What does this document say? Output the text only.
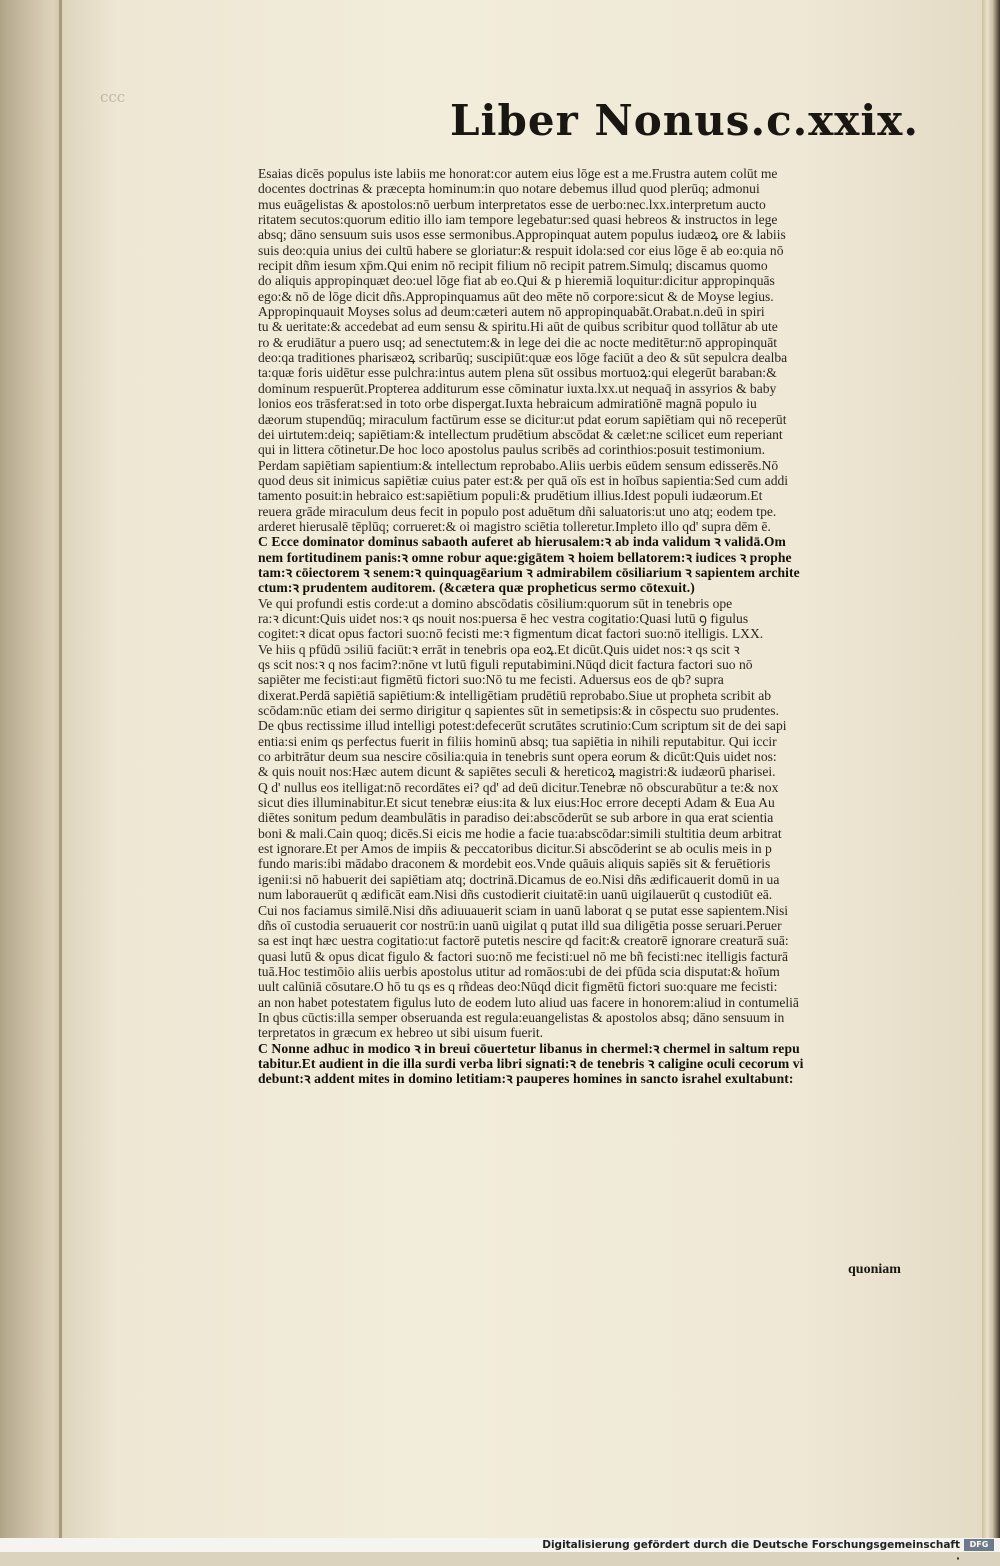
ccc	Liber Nonus.c.xxix.
Esaias dicēs populus iste labiis me honorat:cor autem eius lōge est a me.Frustra autem colūt me
docentes doctrinas & præcepta hominum:in quo notare debemus illud quod plerūq; admonui
mus euāgelistas & apostolos:nō uerbum interpretatos esse de uerbo:nec.lxx.interpretum aucto
ritatem secutos:quorum editio illo iam tempore legebatur:sed quasi hebreos & instructos in lege
absq; dāno sensuum suis usos esse sermonibus.Appropinquat autem populus iudæoꝝ ore & labiis
suis deo:quia unius dei cultū habere se gloriatur:& respuit idola:sed cor eius lōge ē ab eo:quia nō
recipit dñm iesum xp̄m.Qui enim nō recipit filium nō recipit patrem.Simulq; discamus quomo
do aliquis appropinquæt deo:uel lōge fiat ab eo.Qui & p hieremiā loquitur:dicitur appropinquās
ego:& nō de lōge dicit dñs.Appropinquamus aūt deo mēte nō corpore:sicut & de Moyse legius.
Appropinquauit Moyses solus ad deum:cæteri autem nō appropinquabāt.Orabat.n.deū in spiri
tu & ueritate:& accedebat ad eum sensu & spiritu.Hi aūt de quibus scribitur quod tollātur ab ute
ro & erudiātur a puero usq; ad senectutem:& in lege dei die ac nocte meditētur:nō appropinquāt
deo:qa traditiones pharisæoꝝ scribarūq; suscipiūt:quæ eos lōge faciūt a deo & sūt sepulcra dealba
ta:quæ foris uidētur esse pulchra:intus autem plena sūt ossibus mortuoꝝ:qui elegerūt baraban:&
dominum respuerūt.Propterea additurum esse cōminatur iuxta.lxx.ut nequaq̄ in assyrios & baby
lonios eos trāsferat:sed in toto orbe dispergat.Iuxta hebraicum admiratiōnē magnā populo iu
dæorum stupendūq; miraculum factūrum esse se dicitur:ut pdat eorum sapiētiam qui nō receperūt
dei uirtutem:deiq; sapiētiam:& intellectum prudētium abscōdat & cælet:ne scilicet eum reperiant
qui in littera cōtinetur.De hoc loco apostolus paulus scribēs ad corinthios:posuit testimonium.
Perdam sapiētiam sapientium:& intellectum reprobabo.Aliis uerbis eūdem sensum edisserēs.Nō
quod deus sit inimicus sapiētiæ cuius pater est:& per quā oīs est in hoībus sapientia:Sed cum addi
tamento posuit:in hebraico est:sapiētium populi:& prudētium illius.Idest populi iudæorum.Et
reuera grāde miraculum deus fecit in populo post aduētum dñi saluatoris:ut uno atq; eodem tpe.
arderet hierusalē tēplūq; corrueret:& oi magistro sciētia tolleretur.Impleto illo qd' supra dēm ē.
C Ecce dominator dominus sabaoth auferet ab hierusalem:ꝛ ab inda validum ꝛ validā.Om
nem fortitudinem panis:ꝛ omne robur aque:gigātem ꝛ hoiem bellatorem:ꝛ iudices ꝛ prophe
tam:ꝛ cōiectorem ꝛ senem:ꝛ quinquagēarium ꝛ admirabilem cōsiliarium ꝛ sapientem archite
ctum:ꝛ prudentem auditorem. (&cætera quæ propheticus sermo cōtexuit.)
Ve qui profundi estis corde:ut a domino abscōdatis cōsilium:quorum sūt in tenebris ope
ra:ꝛ dicunt:Quis uidet nos:ꝛ qs nouit nos:puersa ē hec vestra cogitatio:Quasi lutū ꝯ figulus
cogitet:ꝛ dicat opus factori suo:nō fecisti me:ꝛ figmentum dicat factori suo:nō itelligis. LXX.
Ve hiis q pfūdū ɔsiliū faciūt:ꝛ errāt in tenebris opa eoꝝ.Et dicūt.Quis uidet nos:ꝛ qs scit ꝛ
qs scit nos:ꝛ q nos facim?:nōne vt lutū figuli reputabimini.Nūqd dicit factura factori suo nō
sapiēter me fecisti:aut figmētū fictori suo:Nō tu me fecisti. Aduersus eos de qb? supra
dixerat.Perdā sapiētiā sapiētium:& intelligētiam prudētiū reprobabo.Siue ut propheta scribit ab
scōdam:nūc etiam dei sermo dirigitur q sapientes sūt in semetipsis:& in cōspectu suo prudentes.
De qbus rectissime illud intelligi potest:defecerūt scrutātes scrutinio:Cum scriptum sit de dei sapi
entia:si enim qs perfectus fuerit in filiis hominū absq; tua sapiētia in nihili reputabitur. Qui iccir
co arbitrātur deum sua nescire cōsilia:quia in tenebris sunt opera eorum & dicūt:Quis uidet nos:
& quis nouit nos:Hæc autem dicunt & sapiētes seculi & hereticoꝝ magistri:& iudæorū pharisei.
Q d' nullus eos itelligat:nō recordātes ei? qd' ad deū dicitur.Tenebræ nō obscurabūtur a te:& nox
sicut dies illuminabitur.Et sicut tenebræ eius:ita & lux eius:Hoc errore decepti Adam & Eua Au
diētes sonitum pedum deambulātis in paradiso dei:abscōderūt se sub arbore in qua erat scientia
boni & mali.Cain quoq; dicēs.Si eicis me hodie a facie tua:abscōdar:simili stultitia deum arbitrat
est ignorare.Et per Amos de impiis & peccatoribus dicitur.Si abscōderint se ab oculis meis in p
fundo maris:ibi mādabo draconem & mordebit eos.Vnde quāuis aliquis sapiēs sit & feruētioris
igenii:si nō habuerit dei sapiētiam atq; doctrinā.Dicamus de eo.Nisi dñs ædificauerit domū in ua
num laborauerūt q ædificāt eam.Nisi dñs custodierit ciuitatē:in uanū uigilauerūt q custodiūt eā.
Cui nos faciamus similē.Nisi dñs adiuuauerit sciam in uanū laborat q se putat esse sapientem.Nisi
dñs oī custodia seruauerit cor nostrū:in uanū uigilat q putat illd sua diligētia posse seruari.Peruer
sa est inqt hæc uestra cogitatio:ut factorē putetis nescire qd facit:& creatorē ignorare creaturā suā:
quasi lutū & opus dicat figulo & factori suo:nō me fecisti:uel nō me bñ fecisti:nec itelligis facturā
tuā.Hoc testimōio aliis uerbis apostolus utitur ad romāos:ubi de dei pfūda scia disputat:& hoīum
uult calūniā cōsutare.O hō tu qs es q rñdeas deo:Nūqd dicit figmētū fictori suo:quare me fecisti:
an non habet potestatem figulus luto de eodem luto aliud uas facere in honorem:aliud in contumeliā
In qbus cūctis:illa semper obseruanda est regula:euangelistas & apostolos absq; dāno sensuum in
terpretatos in græcum ex hebreo ut sibi uisum fuerit.
C Nonne adhuc in modico ꝛ in breui cōuertetur libanus in chermel:ꝛ chermel in saltum repu
tabitur.Et audient in die illa surdi verba libri signati:ꝛ de tenebris ꝛ caligine oculi cecorum vi
debunt:ꝛ addent mites in domino letitiam:ꝛ pauperes homines in sancto israhel exultabunt:
quoniam
Digitalisierung gefördert durch die Deutsche Forschungsgemeinschaft ·
DFG
